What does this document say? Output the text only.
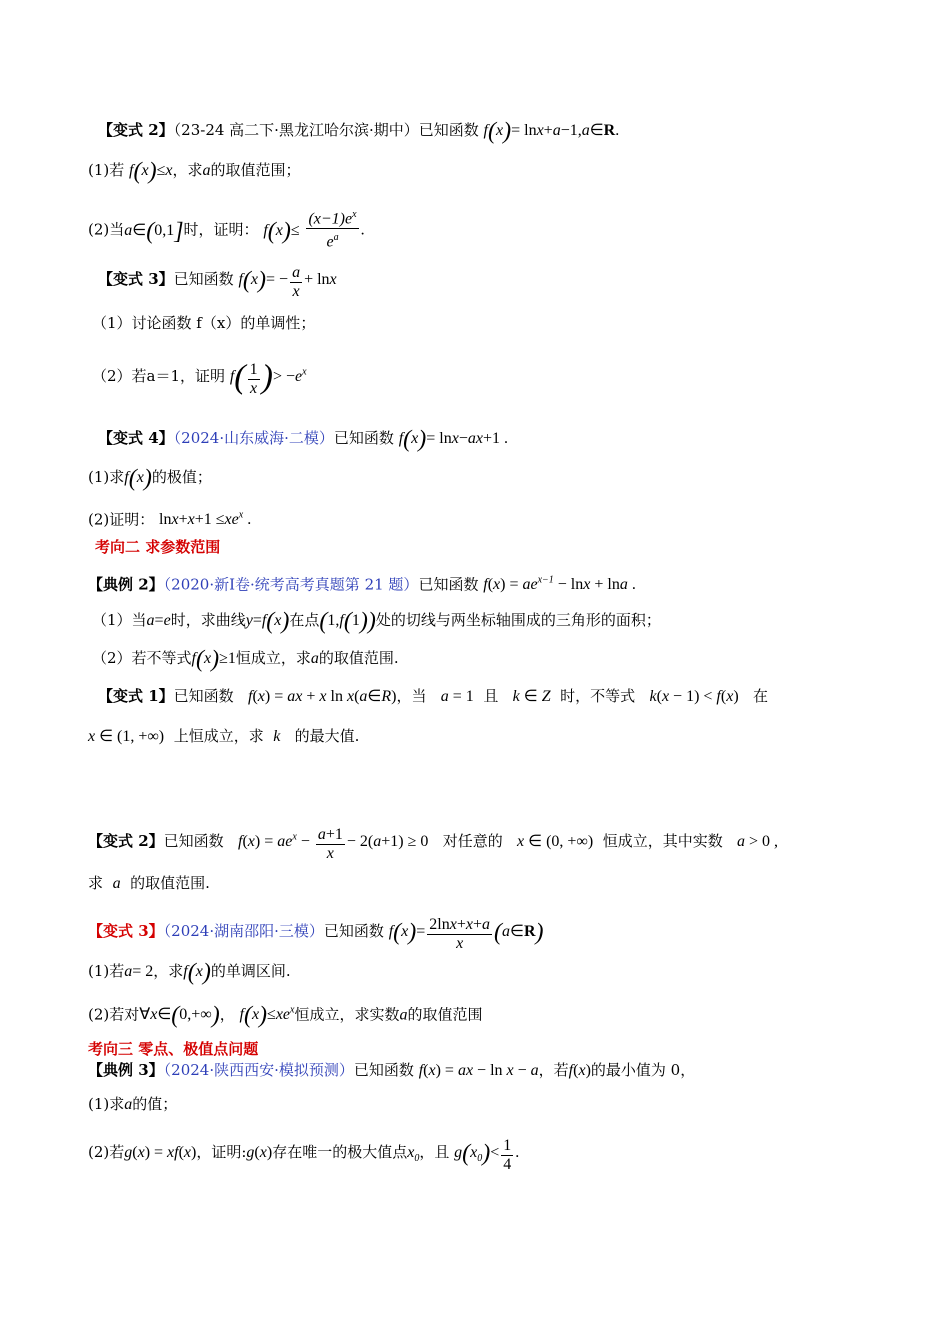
【变式 2】（23-24 高二下·黑龙江哈尔滨·期中）已知函数 f(x)= lnx+a−1,a∈R.
(1)若 f(x)≤x，求a的取值范围；
(2)当a∈(0,1]时，证明： $f(x)\le \frac{(x-1)e^x}{e^a}$ .
【变式 3】已知函数 $f(x)= - \frac{a}{x} + \ln x$
（1）讨论函数 f（x）的单调性；
（2）若a＝1，证明 $f( \frac{1}{x}$ )> $-e^x$
【变式 4】（2024·山东威海·二模）已知函数 f(x)= lnx−ax+1 .
(1)求f(x)的极值；
(2)证明： $\ln x+x+1 \le xe^x$ .
考向二 求参数范围
【典例 2】（2020·新Ⅰ卷·统考高考真题第 21 题）已知函数 $f(x) = ae^{x-1} - \ln x + \ln a$ .
（1）当a=e时，求曲线y=f(x)在点(1,f(1))处的切线与两坐标轴围成的三角形的面积；
（2）若不等式f(x)≥1恒成立，求a的取值范围.
【变式 1】已知函数 f(x) = ax + x ln x(a∈R)，当 a = 1 且 k ∈ Z 时，不等式 k(x − 1) < f(x) 在
x ∈ (1, +∞) 上恒成立，求 k 的最大值.
【变式 2】已知函数 $f(x) = ae^x - \frac{a+1}{x} - 2(a+1) \ge 0$ 对任意的 x ∈ (0, +∞) 恒成立，其中实数 a > 0 ,
求 a 的取值范围.
【变式 3】（2024·湖南邵阳·三模）已知函数 $f(x)= \frac{2\ln x+x+a}{x}$ (a∈R)
(1)若a= 2，求f(x)的单调区间.
(2)若对∀x∈(0,+∞)， $f(x)\le xe^x$恒成立，求实数a的取值范围
考向三 零点、极值点问题
【典例 3】（2024·陕西西安·模拟预测）已知函数 f(x) = ax − ln x − a，若f(x)的最小值为 0，
(1)求a的值；
(2)若g(x) = xf(x)，证明:g(x)存在唯一的极大值点$x_0$，且 $g(x_0)< \frac{1}{4}$ .
